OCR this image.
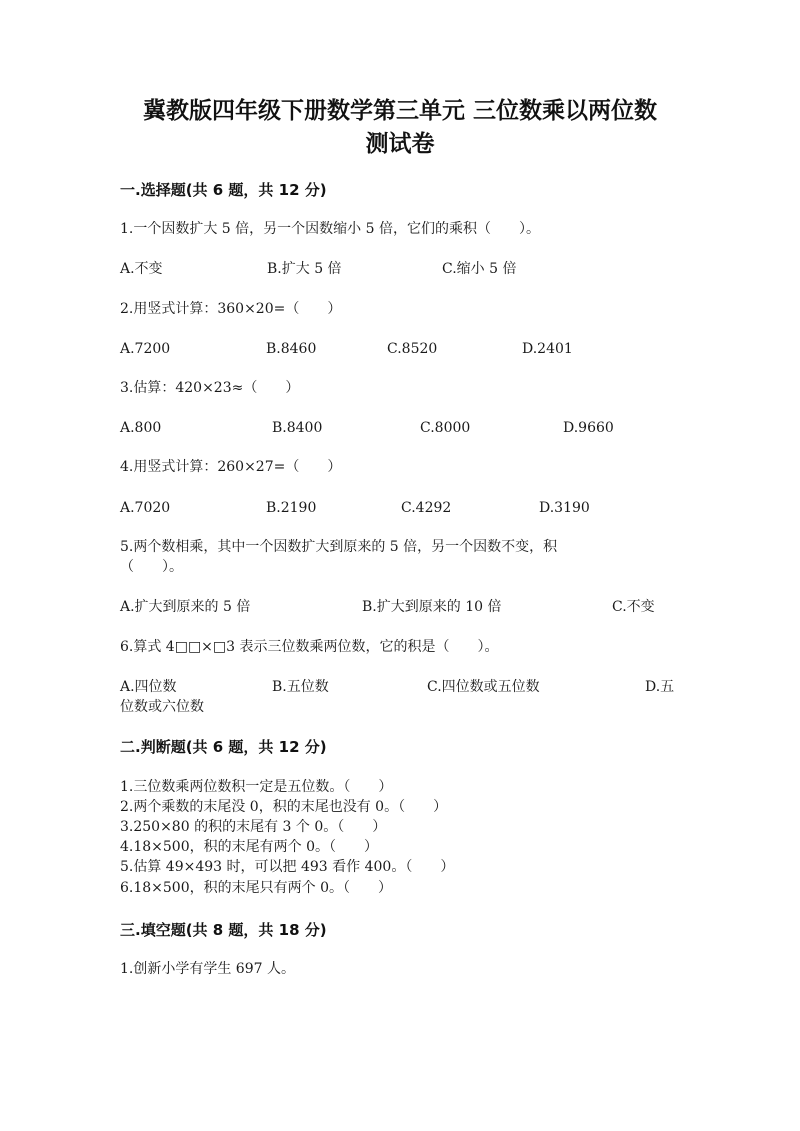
冀教版四年级下册数学第三单元 三位数乘以两位数
测试卷
一.选择题(共 6 题，共 12 分)
1.一个因数扩大 5 倍，另一个因数缩小 5 倍，它们的乘积（　　）。
A.不变	B.扩大 5 倍	C.缩小 5 倍
2.用竖式计算：360×20=（　　）
A.7200	B.8460	C.8520	D.2401
3.估算：420×23≈（　　）
A.800	B.8400	C.8000	D.9660
4.用竖式计算：260×27=（　　）
A.7020	B.2190	C.4292	D.3190
5.两个数相乘，其中一个因数扩大到原来的 5 倍，另一个因数不变，积
（　　）。
A.扩大到原来的 5 倍	B.扩大到原来的 10 倍	C.不变
6.算式 4□□×□3 表示三位数乘两位数，它的积是（　　）。
A.四位数	B.五位数	C.四位数或五位数	D.五
位数或六位数
二.判断题(共 6 题，共 12 分)
1.三位数乘两位数积一定是五位数。（　　）
2.两个乘数的末尾没 0，积的末尾也没有 0。（　　）
3.250×80 的积的末尾有 3 个 0。（　　）
4.18×500，积的末尾有两个 0。（　　）
5.估算 49×493 时，可以把 493 看作 400。（　　）
6.18×500，积的末尾只有两个 0。（　　）
三.填空题(共 8 题，共 18 分)
1.创新小学有学生 697 人。
